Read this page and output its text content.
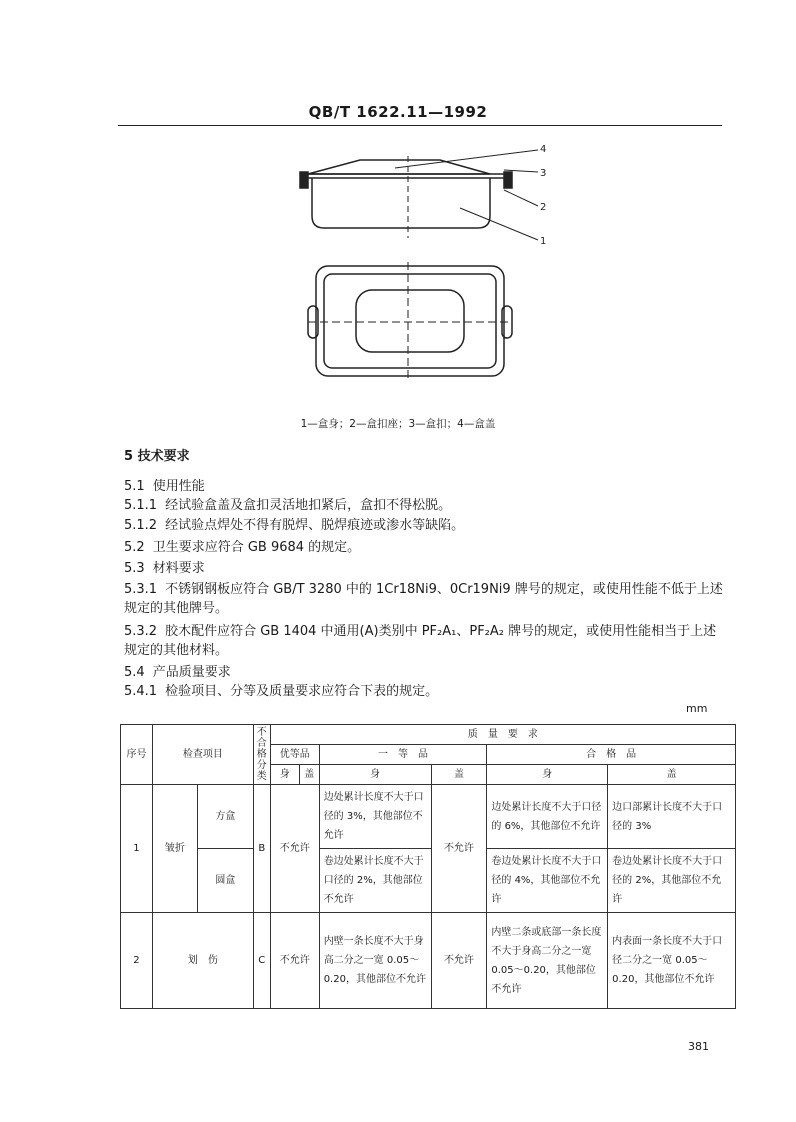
QB/T 1622.11—1992
4
3
2
1
1—盒身；2—盒扣座；3—盒扣；4—盒盖
5 技术要求
5.1 使用性能
5.1.1 经试验盒盖及盒扣灵活地扣紧后，盒扣不得松脱。
5.1.2 经试验点焊处不得有脱焊、脱焊痕迹或渗水等缺陷。
5.2 卫生要求应符合 GB 9684 的规定。
5.3 材料要求
5.3.1 不锈钢钢板应符合 GB/T 3280 中的 1Cr18Ni9、0Cr19Ni9 牌号的规定，或使用性能不低于上述规定的其他牌号。
5.3.2 胶木配件应符合 GB 1404 中通用(A)类别中 PF₂A₁、PF₂A₂ 牌号的规定，或使用性能相当于上述规定的其他材料。
5.4 产品质量要求
5.4.1 检验项目、分等及质量要求应符合下表的规定。
mm
序号	检查项目		不合格分类	质　量　要　求					
				优等品		一　等　品		合　格　品	
				身	盖	身	盖	身	盖
1	皱折	方盒	B	不允许		边处累计长度不大于口径的 3%，其他部位不允许	不允许	边处累计长度不大于口径的 6%，其他部位不允许	边口部累计长度不大于口径的 3%
		圆盒				卷边处累计长度不大于口径的 2%，其他部位不允许		卷边处累计长度不大于口径的 4%，其他部位不允许	卷边处累计长度不大于口径的 2%，其他部位不允许
2	划　伤		C	不允许		内壁一条长度不大于身高二分之一宽 0.05～0.20，其他部位不允许	不允许	内壁二条或底部一条长度不大于身高二分之一宽 0.05～0.20，其他部位不允许	内表面一条长度不大于口径二分之一宽 0.05～0.20，其他部位不允许
381
